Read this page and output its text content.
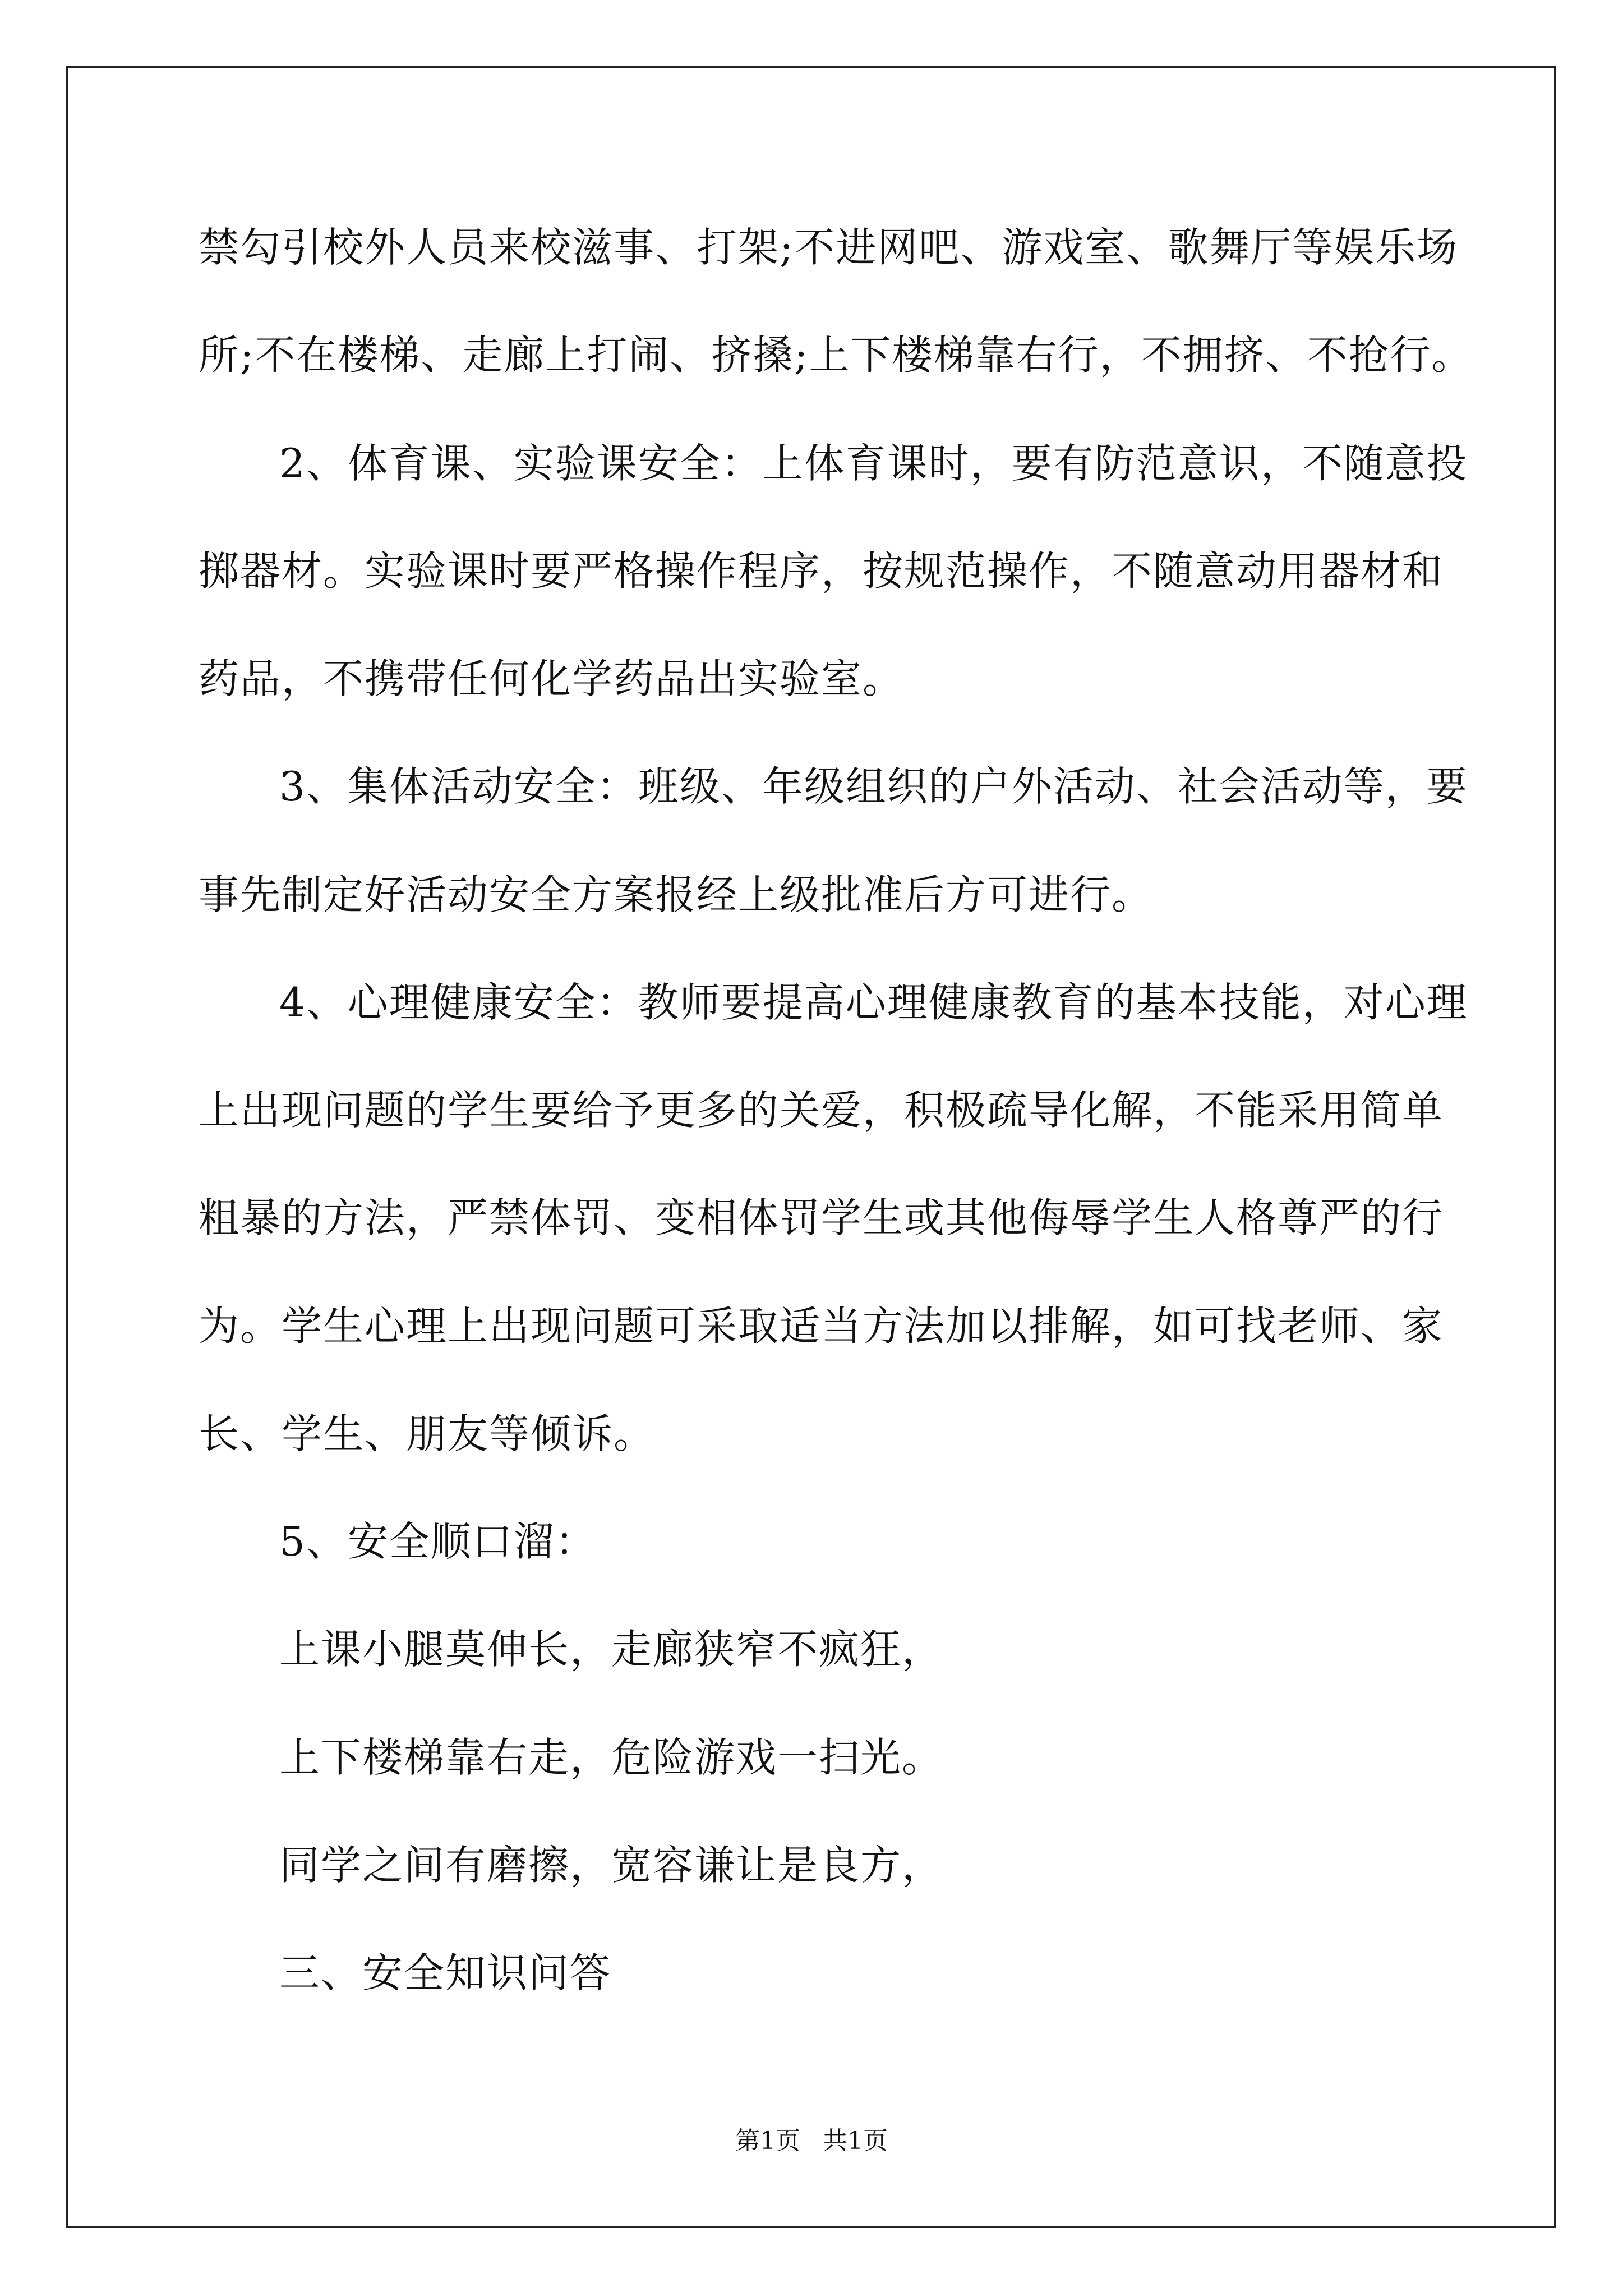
禁勾引校外人员来校滋事、打架;不进网吧、游戏室、歌舞厅等娱乐场
所;不在楼梯、走廊上打闹、挤搡;上下楼梯靠右行，不拥挤、不抢行。
2、体育课、实验课安全：上体育课时，要有防范意识，不随意投
掷器材。实验课时要严格操作程序，按规范操作，不随意动用器材和
药品，不携带任何化学药品出实验室。
3、集体活动安全：班级、年级组织的户外活动、社会活动等，要
事先制定好活动安全方案报经上级批准后方可进行。
4、心理健康安全：教师要提高心理健康教育的基本技能，对心理
上出现问题的学生要给予更多的关爱，积极疏导化解，不能采用简单
粗暴的方法，严禁体罚、变相体罚学生或其他侮辱学生人格尊严的行
为。学生心理上出现问题可采取适当方法加以排解，如可找老师、家
长、学生、朋友等倾诉。
5、安全顺口溜：
上课小腿莫伸长，走廊狭窄不疯狂，
上下楼梯靠右走，危险游戏一扫光。
同学之间有磨擦，宽容谦让是良方，
三、安全知识问答
第1页 共1页
